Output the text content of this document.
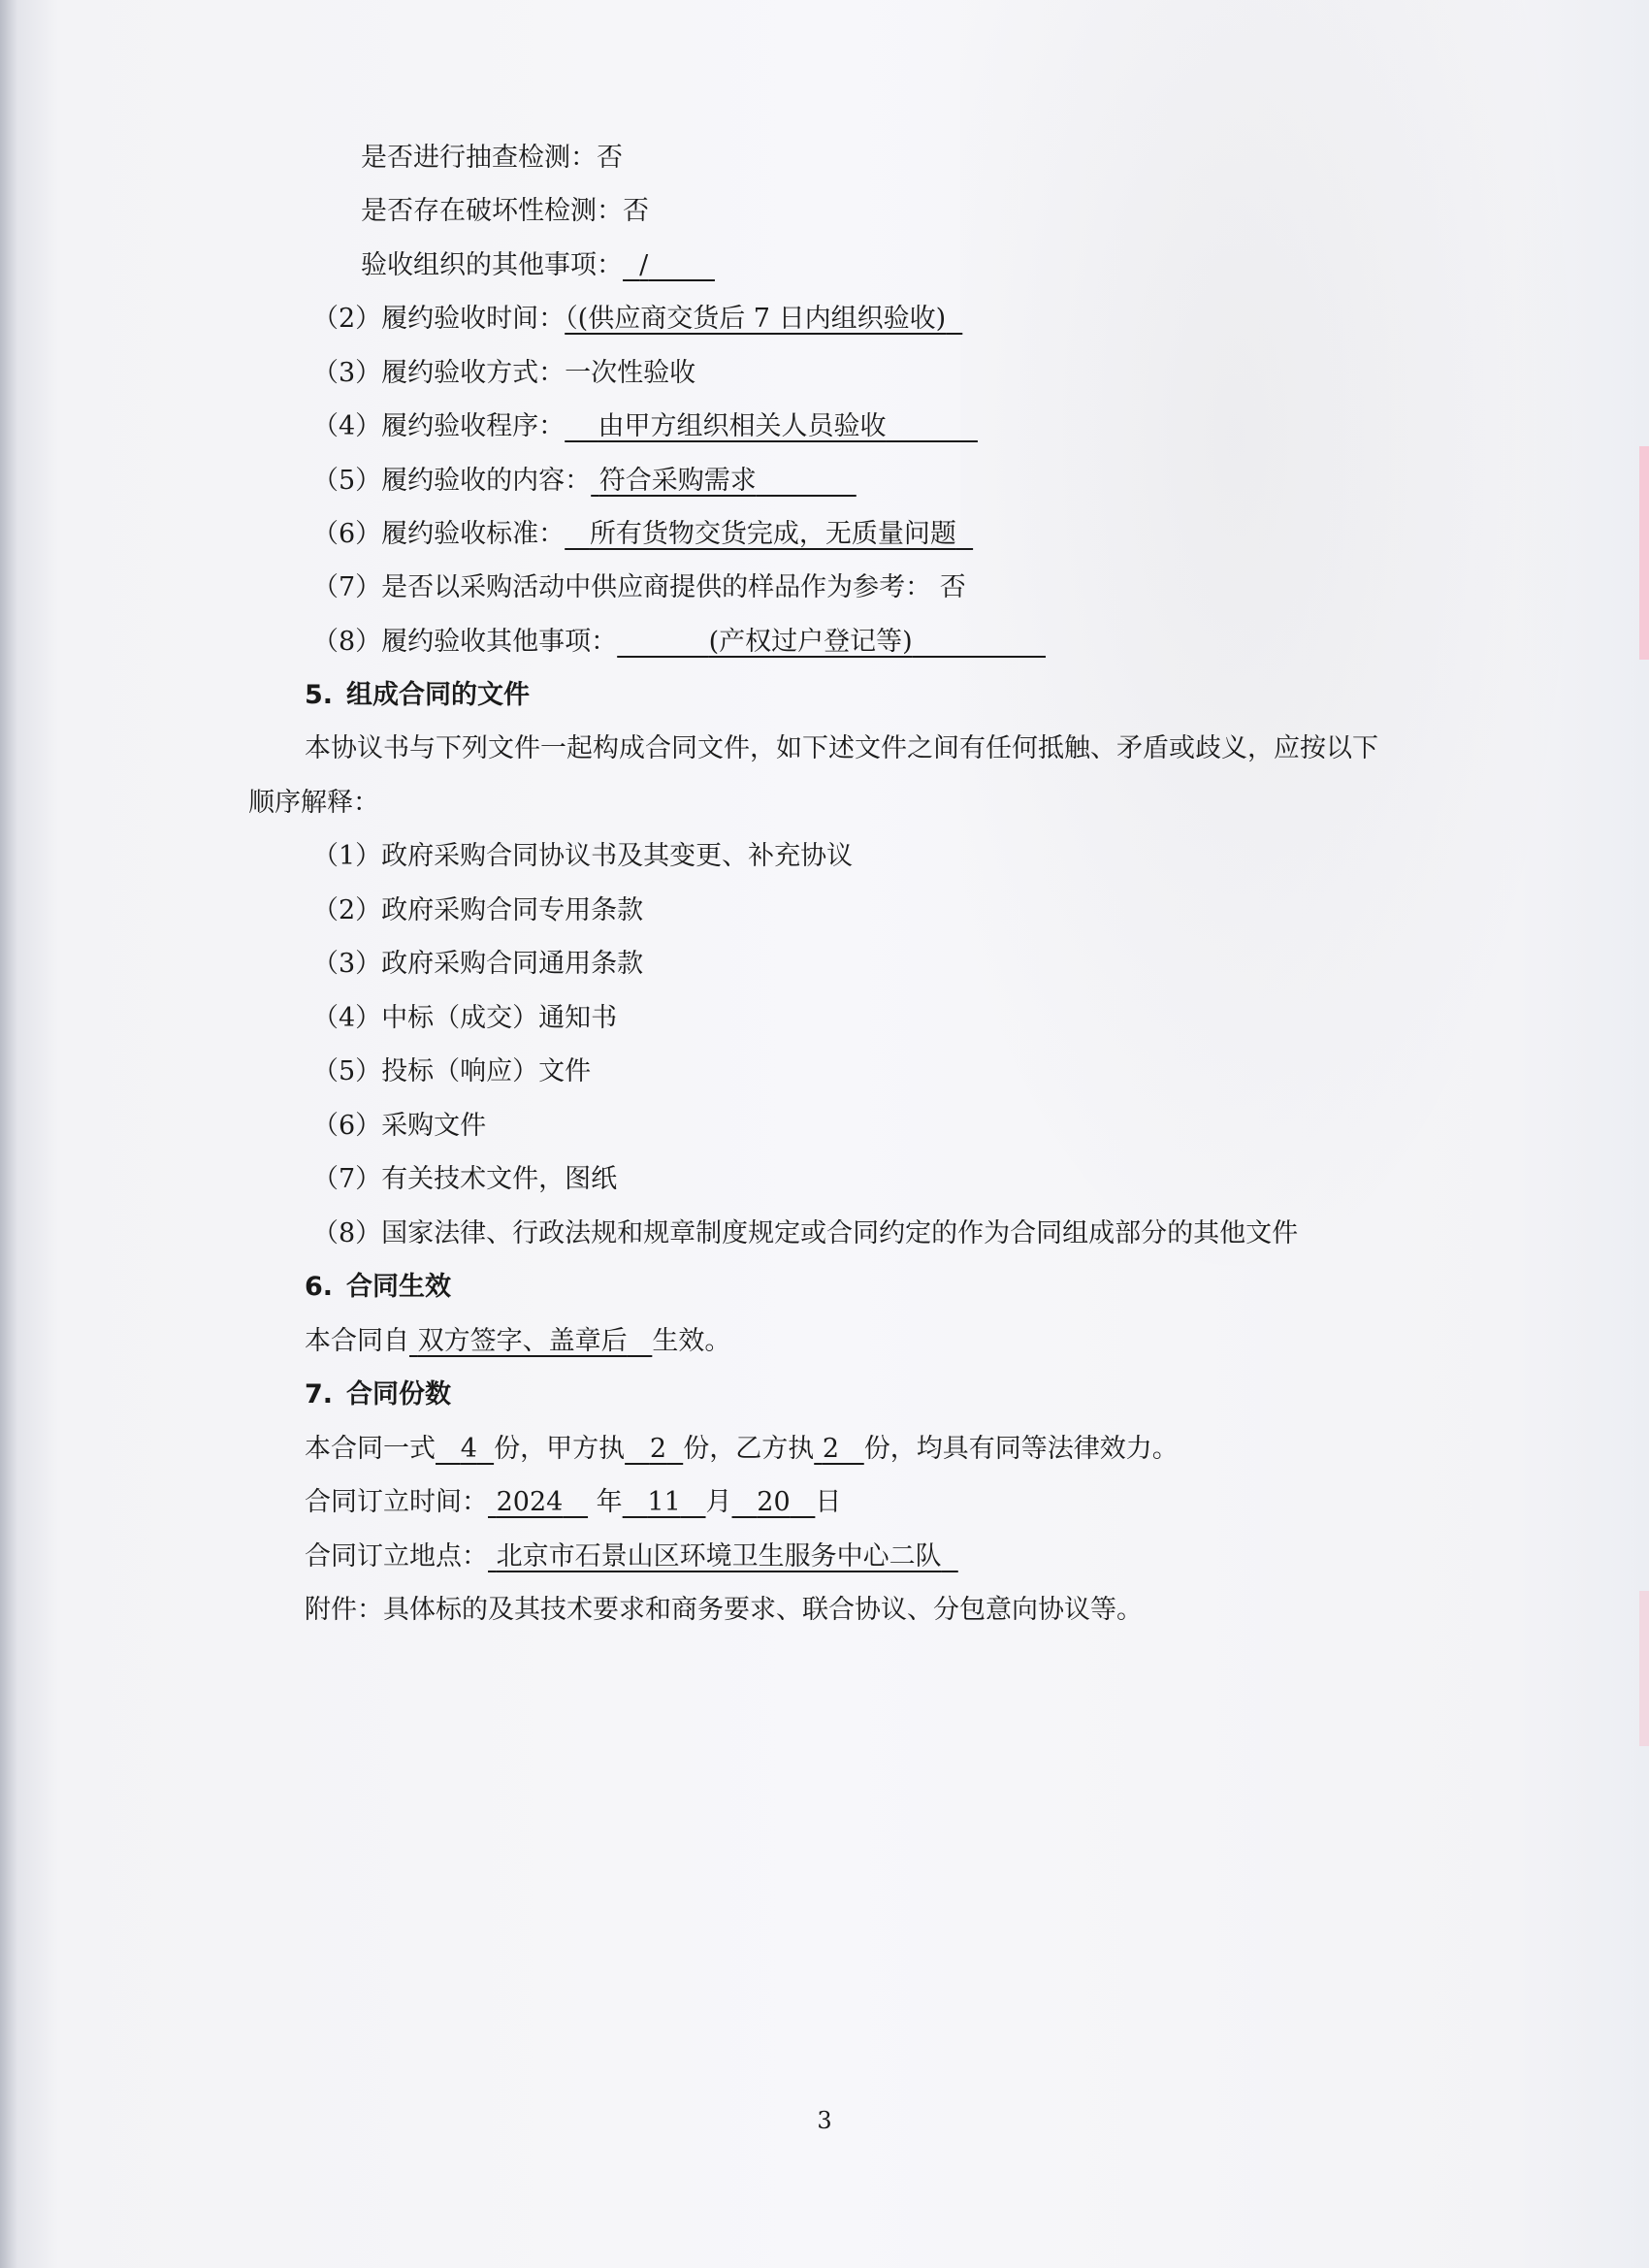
是否进行抽查检测：否
是否存在破坏性检测：否
验收组织的其他事项： /
（2）履约验收时间：（(供应商交货后 7 日内组织验收)
（3）履约验收方式：一次性验收
（4）履约验收程序： 由甲方组织相关人员验收
（5）履约验收的内容： 符合采购需求
（6）履约验收标准： 所有货物交货完成，无质量问题
（7）是否以采购活动中供应商提供的样品作为参考： 否
（8）履约验收其他事项：	(产权过户登记等)
5. 组成合同的文件
本协议书与下列文件一起构成合同文件，如下述文件之间有任何抵触、矛盾或歧义，应按以下
顺序解释：
（1）政府采购合同协议书及其变更、补充协议
（2）政府采购合同专用条款
（3）政府采购合同通用条款
（4）中标（成交）通知书
（5）投标（响应）文件
（6）采购文件
（7）有关技术文件，图纸
（8）国家法律、行政法规和规章制度规定或合同约定的作为合同组成部分的其他文件
6. 合同生效
本合同自 双方签字、盖章后 生效。
7. 合同份数
本合同一式 4 份，甲方执 2 份，乙方执 2 份，均具有同等法律效力。
合同订立时间： 2024 年 11 月 20 日
合同订立地点： 北京市石景山区环境卫生服务中心二队
附件：具体标的及其技术要求和商务要求、联合协议、分包意向协议等。
3
